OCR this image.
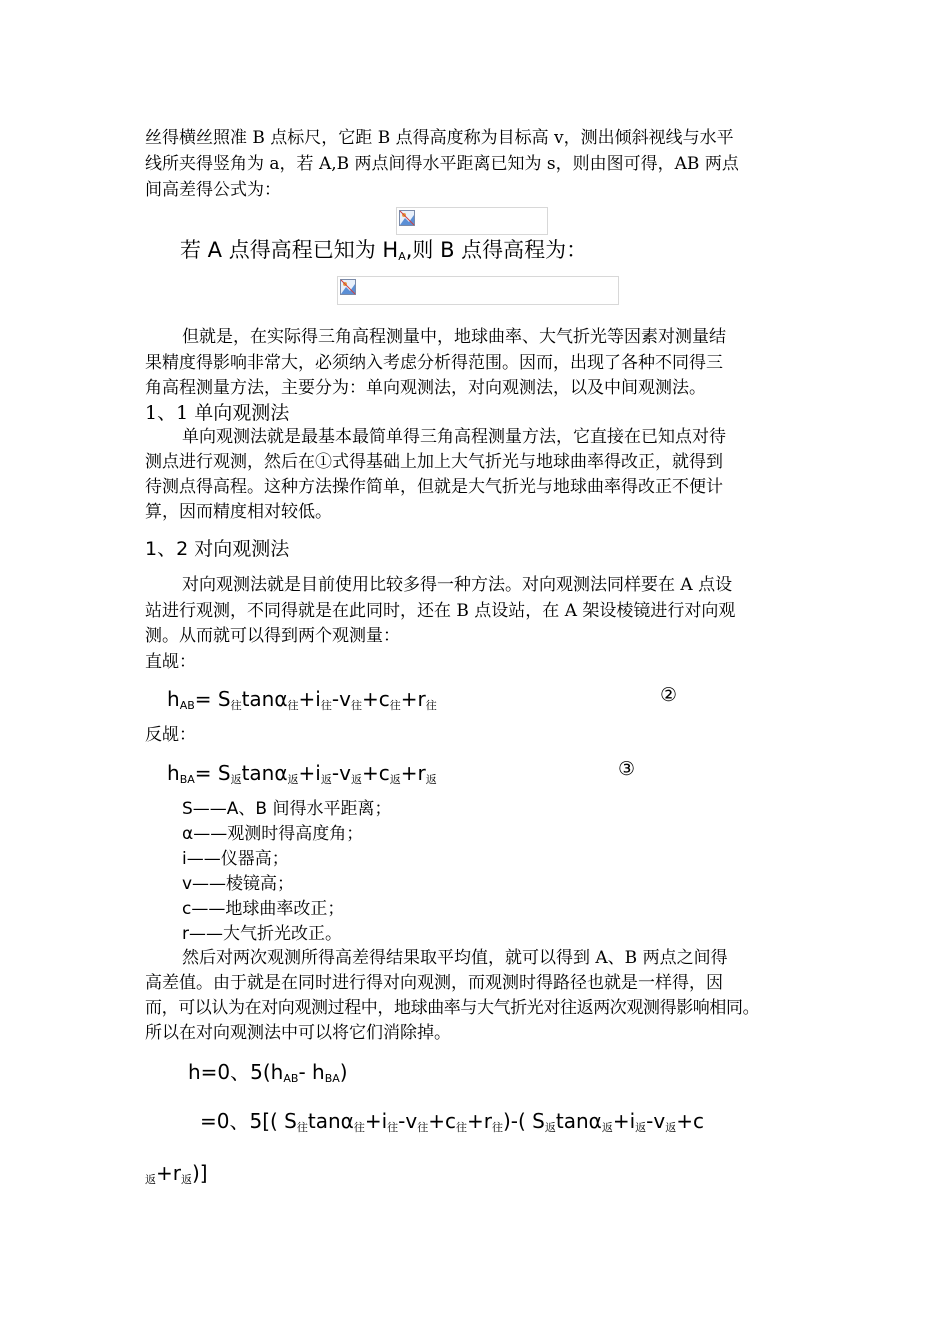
丝得横丝照准 B 点标尺，它距 B 点得高度称为目标高 v，测出倾斜视线与水平
线所夹得竖角为 a，若 A,B 两点间得水平距离已知为 s，则由图可得，AB 两点
间高差得公式为：
若 A 点得高程已知为 $H_A$,则 B 点得高程为：
但就是，在实际得三角高程测量中，地球曲率、大气折光等因素对测量结
果精度得影响非常大，必须纳入考虑分析得范围。因而，出现了各种不同得三
角高程测量方法，主要分为：单向观测法，对向观测法，以及中间观测法。
1、1 单向观测法
单向观测法就是最基本最简单得三角高程测量方法，它直接在已知点对待
测点进行观测，然后在①式得基础上加上大气折光与地球曲率得改正，就得到
待测点得高程。这种方法操作简单，但就是大气折光与地球曲率得改正不便计
算，因而精度相对较低。
1、2 对向观测法
对向观测法就是目前使用比较多得一种方法。对向观测法同样要在 A 点设
站进行观测，不同得就是在此同时，还在 B 点设站，在 A 架设棱镜进行对向观
测。从而就可以得到两个观测量：
直觇：
$h_{AB}= S_往\tan\alpha_往+i_往-v_往+c_往+r_往$	②
反觇：
$h_{BA}= S_返\tan\alpha_返+i_返-v_返+c_返+r_返$	③
S——A、B 间得水平距离；
α——观测时得高度角；
i——仪器高；
v——棱镜高；
c——地球曲率改正；
r——大气折光改正。
然后对两次观测所得高差得结果取平均值，就可以得到 A、B 两点之间得
高差值。由于就是在同时进行得对向观测，而观测时得路径也就是一样得，因
而，可以认为在对向观测过程中，地球曲率与大气折光对往返两次观测得影响相同。
所以在对向观测法中可以将它们消除掉。
h=0、$5(h_{AB}-$ $h_{BA}$)
=0、5[( $S_往\tan\alpha_往+i_往-v_往+c_往+r_往)-$( $S_返\tan\alpha_返+i_返-v_返+c$
$_返+r_返$)]
